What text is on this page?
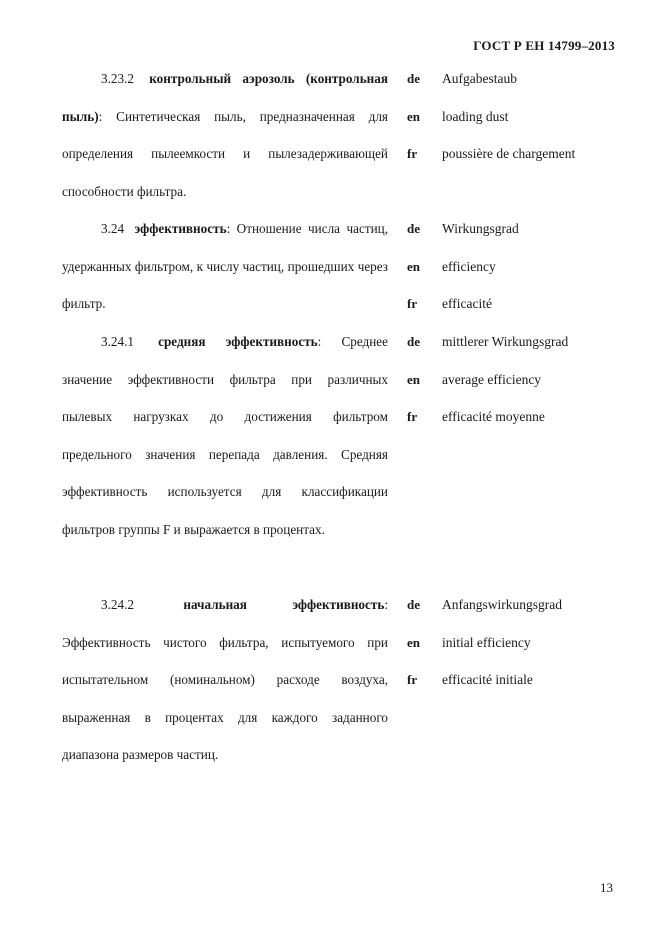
ГОСТ Р ЕН 14799–2013

3.23.2 контрольный аэрозоль (контрольная пыль): Синтетическая пыль, предназначенная для определения пылеемкости и пылезадерживающей способности фильтра.

de	Aufgabestaub
en	loading dust
fr	poussière de chargement

3.24 эффективность: Отношение числа частиц, удержанных фильтром, к числу частиц, прошедших через фильтр.

de	Wirkungsgrad
en	efficiency
fr	efficacité

3.24.1 средняя эффективность: Среднее значение эффективности фильтра при различных пылевых нагрузках до достижения фильтром предельного значения перепада давления. Средняя эффективность используется для классификации фильтров группы F и выражается в процентах.

de	mittlerer Wirkungsgrad
en	average efficiency
fr	efficacité moyenne

3.24.2	начальная эффективность: Эффективность чистого фильтра, испытуемого при испытательном (номинальном) расходе воздуха, выраженная в процентах для каждого заданного диапазона размеров частиц.

de	Anfangswirkungsgrad
en	initial efficiency
fr	efficacité initiale
13
